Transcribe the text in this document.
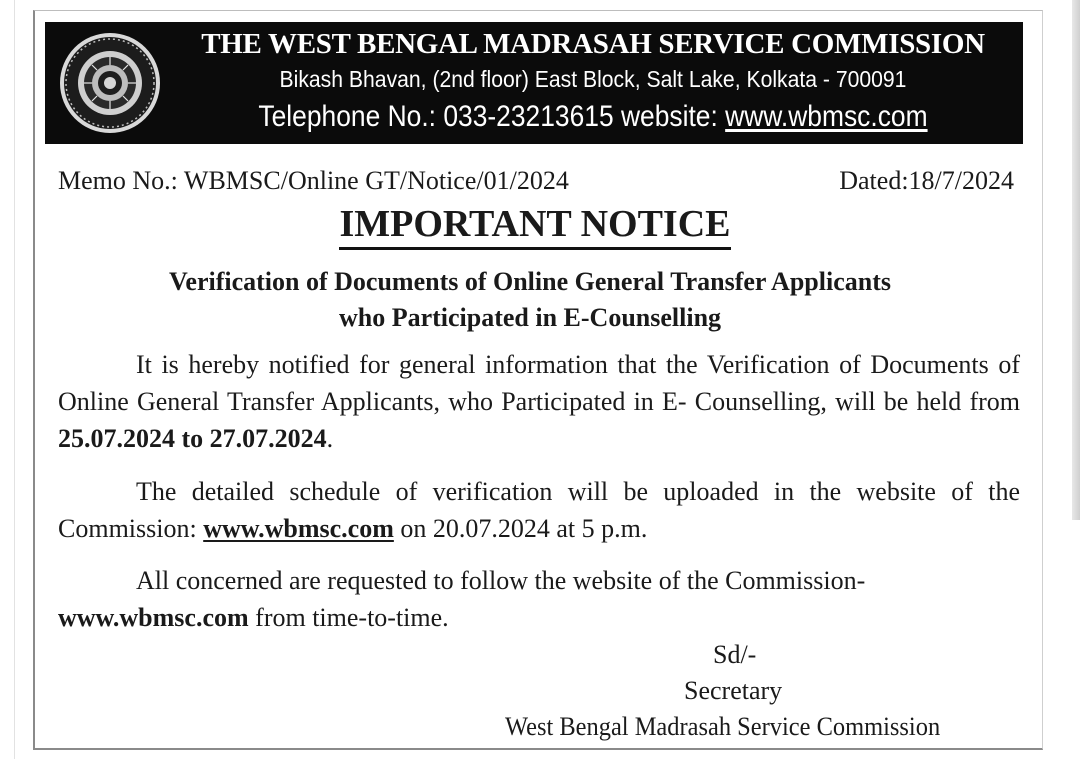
THE WEST BENGAL MADRASAH SERVICE COMMISSION
Bikash Bhavan, (2nd floor) East Block, Salt Lake, Kolkata - 700091
Telephone No.: 033-23213615 website: www.wbmsc.com
Memo No.: WBMSC/Online GT/Notice/01/2024	Dated:18/7/2024
IMPORTANT NOTICE
Verification of Documents of Online General Transfer Applicants
who Participated in E-Counselling
It is hereby notified for general information that the Verification of Documents of Online General Transfer Applicants, who Participated in E- Counselling, will be held from 25.07.2024 to 27.07.2024.
The detailed schedule of verification will be uploaded in the website of the Commission: www.wbmsc.com on 20.07.2024 at 5 p.m.
All concerned are requested to follow the website of the Commission-
www.wbmsc.com from time-to-time.
Sd/-
Secretary
West Bengal Madrasah Service Commission
